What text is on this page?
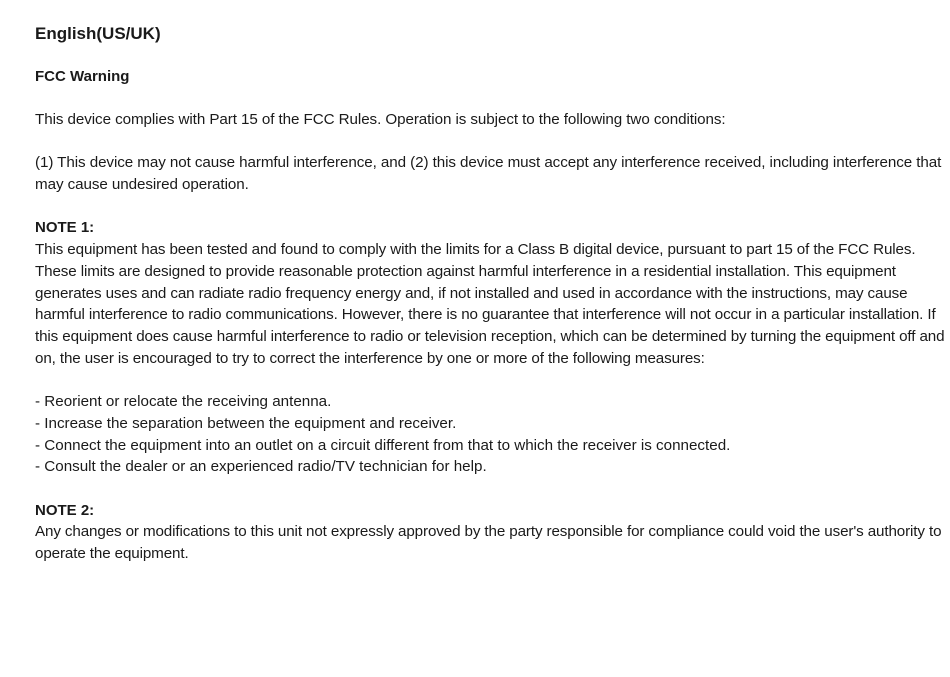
English(US/UK)
FCC Warning

This device complies with Part 15 of the FCC Rules. Operation is subject to the following two conditions:

(1) This device may not cause harmful interference, and (2) this device must accept any interference received, including interference that may cause undesired operation.

NOTE 1:

This equipment has been tested and found to comply with the limits for a Class B digital device, pursuant to part 15 of the FCC Rules. These limits are designed to provide reasonable protection against harmful interference in a residential installation. This equipment generates uses and can radiate radio frequency energy and, if not installed and used in accordance with the instructions, may cause harmful interference to radio communications. However, there is no guarantee that interference will not occur in a particular installation. If this equipment does cause harmful interference to radio or television reception, which can be determined by turning the equipment off and on, the user is encouraged to try to correct the interference by one or more of the following measures:

- Reorient or relocate the receiving antenna.
- Increase the separation between the equipment and receiver.
- Connect the equipment into an outlet on a circuit different from that to which the receiver is connected.
- Consult the dealer or an experienced radio/TV technician for help.
NOTE 2:

Any changes or modifications to this unit not expressly approved by the party responsible for compliance could void the user's authority to operate the equipment.
